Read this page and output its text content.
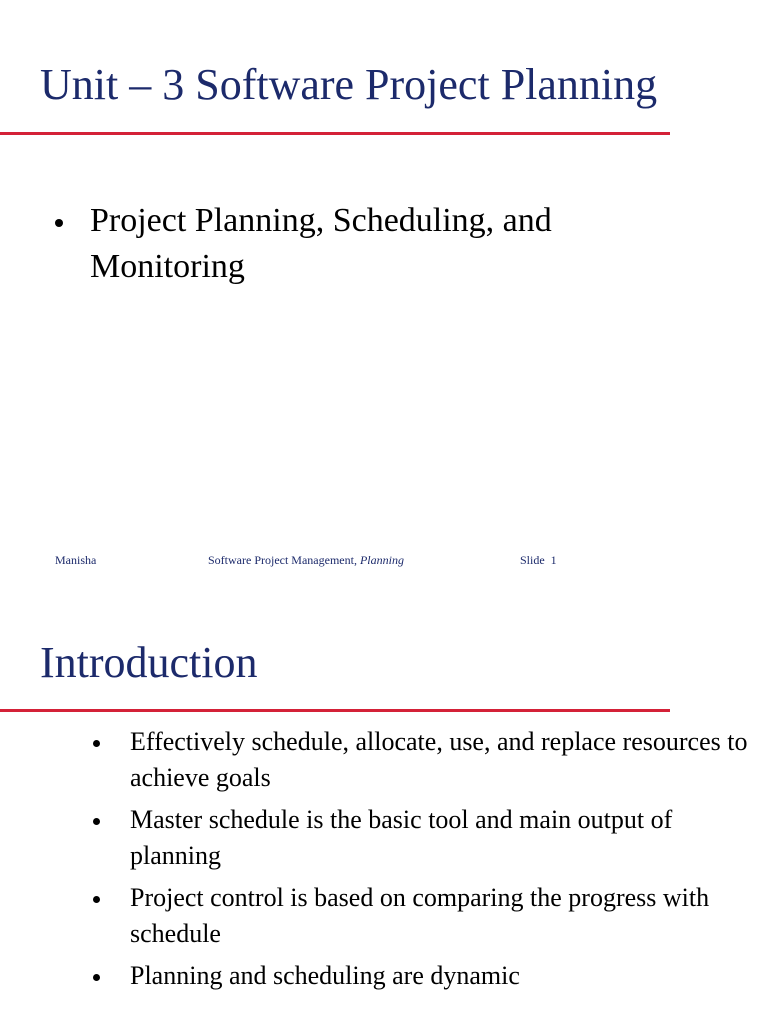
Unit – 3 Software Project Planning
Project Planning, Scheduling, and Monitoring
Manisha	Software Project Management, Planning	Slide 1
Introduction
Effectively schedule, allocate, use, and replace resources to achieve goals
Master schedule is the basic tool and main output of planning
Project control is based on comparing the progress with schedule
Planning and scheduling are dynamic
